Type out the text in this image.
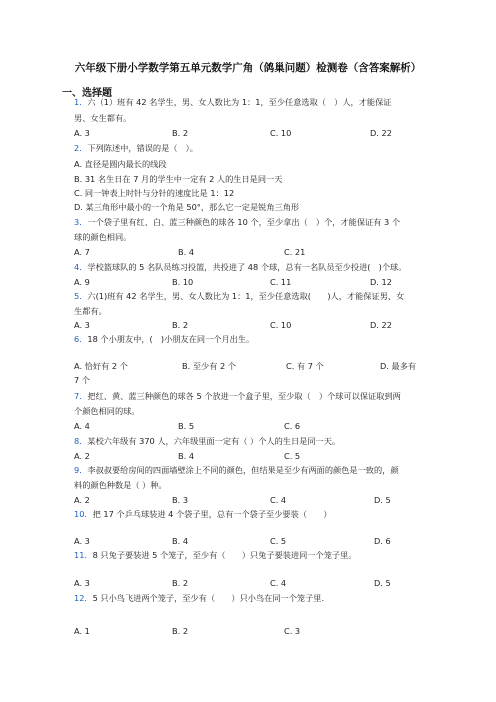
六年级下册小学数学第五单元数学广角（鸽巢问题）检测卷（含答案解析）
一、选择题
1．六（1）班有 42 名学生，男、女人数比为 1：1，至少任意选取（　）人，才能保证
男、女生都有。
A. 3	B. 2	C. 10	D. 22
2．下列陈述中，错误的是（　）。
A. 直径是圆内最长的线段
B. 31 名生日在 7 月的学生中一定有 2 人的生日是同一天
C. 同一钟表上时针与分针的速度比是 1：12
D. 某三角形中最小的一个角是 50°，那么它一定是锐角三角形
3．一个袋子里有红、白、蓝三种颜色的球各 10 个，至少拿出（　）个，才能保证有 3 个
球的颜色相同。
A. 7	B. 4	C. 21
4．学校篮球队的 5 名队员练习投篮，共投进了 48 个球，总有一名队员至少投进(　)个球。
A. 9	B. 10	C. 11	D. 12
5．六(1)班有 42 名学生，男、女人数比为 1：1，至少任意选取(　　)人，才能保证男、女
生都有。
A. 3	B. 2	C. 10	D. 22
6．18 个小朋友中，(　)小朋友在同一个月出生。
A. 恰好有 2 个	B. 至少有 2 个	C. 有 7 个	D. 最多有
7 个
7．把红、黄、蓝三种颜色的球各 5 个放进一个盒子里，至少取（　）个球可以保证取到两
个颜色相同的球。
A. 4	B. 5	C. 6
8．某校六年级有 370 人，六年级里面一定有（ ）个人的生日是同一天。
A. 2	B. 4	C. 5
9．李叔叔要给房间的四面墙壁涂上不同的颜色，但结果是至少有两面的颜色是一致的，颜
料的颜色种数是（ ）种。
A. 2	B. 3	C. 4	D. 5
10．把 17 个乒乓球装进 4 个袋子里，总有一个袋子至少要装（　　）
A. 3	B. 4	C. 5	D. 6
11．8 只兔子要装进 5 个笼子，至少有（　　）只兔子要装进同一个笼子里。
A. 3	B. 2	C. 4	D. 5
12．5 只小鸟飞进两个笼子，至少有（　　）只小鸟在同一个笼子里.
A. 1	B. 2	C. 3
